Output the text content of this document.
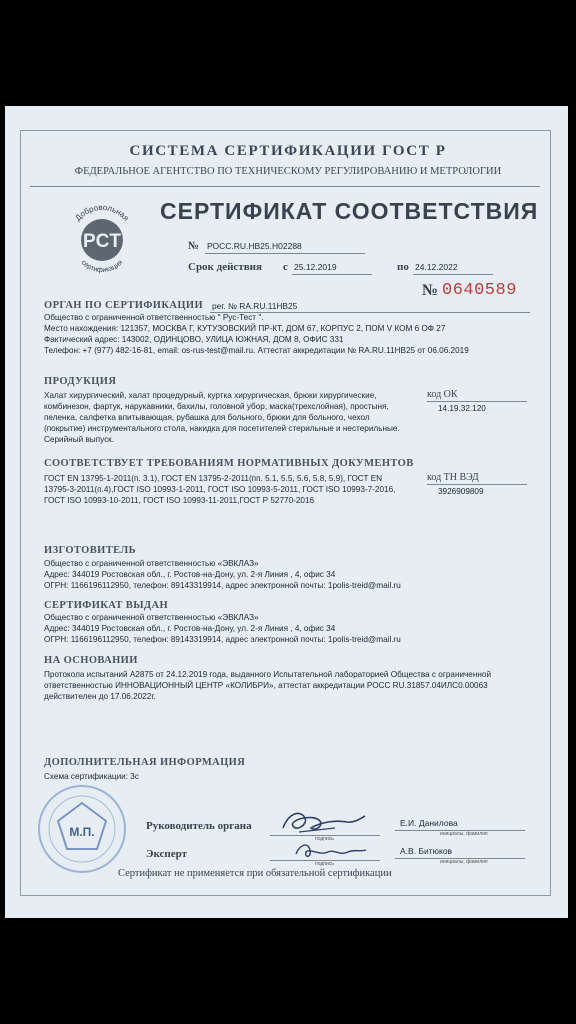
СИСТЕМА СЕРТИФИКАЦИИ ГОСТ Р
ФЕДЕРАЛЬНОЕ АГЕНТСТВО ПО ТЕХНИЧЕСКОМУ РЕГУЛИРОВАНИЮ И МЕТРОЛОГИИ
Добровольная
сертификация
PCT
СЕРТИФИКАТ СООТВЕТСТВИЯ
№ РОСС.RU.НВ25.Н02288
Срок действия с 25.12.2019	по 24.12.2022
№ 0640589
ОРГАН ПО СЕРТИФИКАЦИИ рег. № RA.RU.11НВ25
Общество с ограниченной ответственностью " Рус-Тест ".
Место нахождения: 121357, МОСКВА Г, КУТУЗОВСКИЙ ПР-КТ, ДОМ 67, КОРПУС 2, ПОМ V КОМ 6 ОФ 27
Фактический адрес: 143002, ОДИНЦОВО, УЛИЦА ЮЖНАЯ, ДОМ 8, ОФИС 331
Телефон: +7 (977) 482-16-81, email: os-rus-test@mail.ru. Аттестат аккредитации № RA.RU.11НВ25 от 06.06.2019
ПРОДУКЦИЯ
Халат хирургический, халат процедурный, куртка хирургическая, брюки хирургические,
комбинезон, фартук, нарукавники, бахилы, головной убор, маска(трехслойная), простыня,
пеленка, салфетка впитывающая, рубашка для больного, брюки для больного, чехол
(покрытие) инструментального стола, накидка для посетителей стерильные и нестерильные.
Серийный выпуск.
код ОК
14.19.32.120
СООТВЕТСТВУЕТ ТРЕБОВАНИЯМ НОРМАТИВНЫХ ДОКУМЕНТОВ
ГОСТ EN 13795-1-2011(п. 3.1), ГОСТ EN 13795-2-2011(пп. 5.1, 5.5, 5.6, 5.8, 5.9), ГОСТ EN
13795-3-2011(п.4),ГОСТ ISO 10993-1-2011, ГОСТ ISO 10993-5-2011, ГОСТ ISO 10993-7-2016,
ГОСТ ISO 10993-10-2011, ГОСТ ISO 10993-11-2011,ГОСТ Р 52770-2016
код ТН ВЭД
3926909809
ИЗГОТОВИТЕЛЬ
Общество с ограниченной ответственностью «ЭВКЛАЗ»
Адрес: 344019 Ростовская обл., г. Ростов-на-Дону, ул. 2-я Линия , 4, офис 34
ОГРН: 1166196112950, телефон: 89143319914, адрес электронной почты: 1polis-treid@mail.ru
СЕРТИФИКАТ ВЫДАН
Общество с ограниченной ответственностью «ЭВКЛАЗ»
Адрес: 344019 Ростовская обл., г. Ростов-на-Дону, ул. 2-я Линия , 4, офис 34
ОГРН: 1166196112950, телефон: 89143319914, адрес электронной почты: 1polis-treid@mail.ru
НА ОСНОВАНИИ
Протокола испытаний А2875 от 24.12.2019 года, выданного Испытательной лабораторией Общества с ограниченной
ответственностью ИННОВАЦИОННЫЙ ЦЕНТР «КОЛИБРИ», аттестат аккредитации РОСС RU.31857.04ИЛС0.00063
действителен до 17.06.2022г.
ДОПОЛНИТЕЛЬНАЯ ИНФОРМАЦИЯ
Схема сертификации: 3с
М.П.	Руководитель органа
подпись
Е.И. Данилова
инициалы, фамилия
Эксперт
подпись
А.В. Битюков
инициалы, фамилия
Сертификат не применяется при обязательной сертификации
